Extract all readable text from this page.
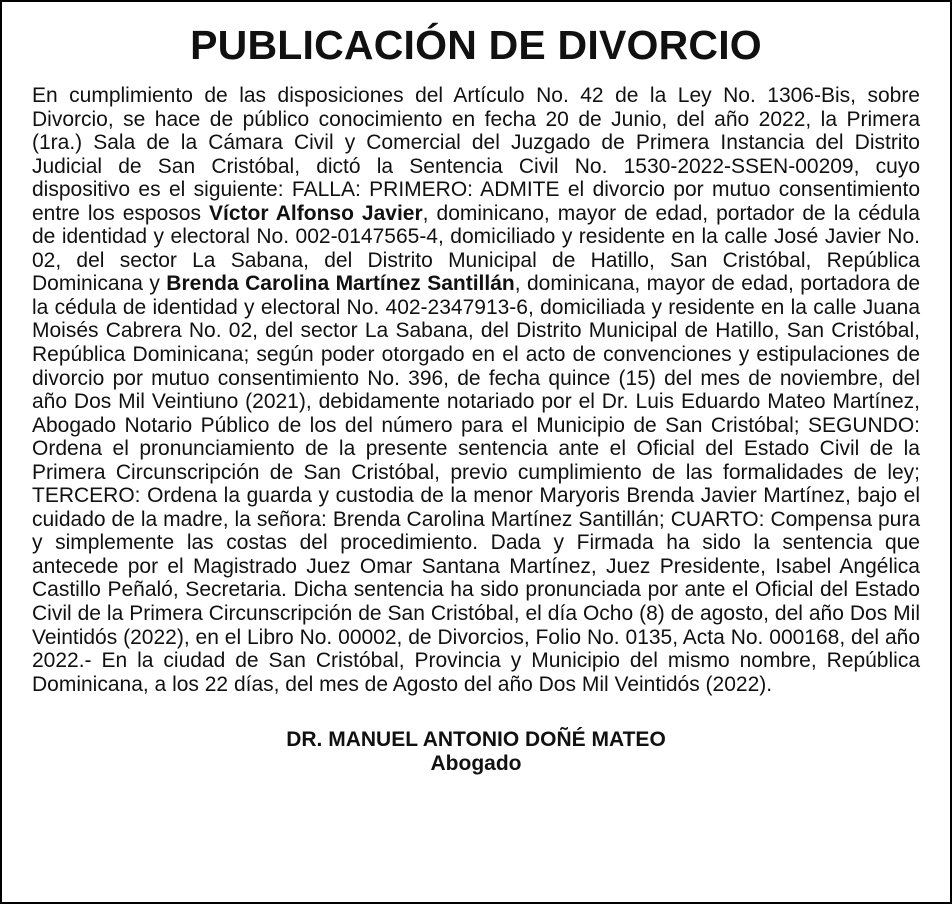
PUBLICACIÓN DE DIVORCIO

En cumplimiento de las disposiciones del Artículo No. 42 de la Ley No. 1306-Bis, sobre Divorcio, se hace de público conocimiento en fecha 20 de Junio, del año 2022, la Primera (1ra.) Sala de la Cámara Civil y Comercial del Juzgado de Primera Instancia del Distrito Judicial de San Cristóbal, dictó la Sentencia Civil No. 1530-2022-SSEN-00209, cuyo dispositivo es el siguiente: FALLA: PRIMERO: ADMITE el divorcio por mutuo consentimiento entre los esposos Víctor Alfonso Javier, dominicano, mayor de edad, portador de la cédula de identidad y electoral No. 002-0147565-4, domiciliado y residente en la calle José Javier No. 02, del sector La Sabana, del Distrito Municipal de Hatillo, San Cristóbal, República Dominicana y Brenda Carolina Martínez Santillán, dominicana, mayor de edad, portadora de la cédula de identidad y electoral No. 402-2347913-6, domiciliada y residente en la calle Juana Moisés Cabrera No. 02, del sector La Sabana, del Distrito Municipal de Hatillo, San Cristóbal, República Dominicana; según poder otorgado en el acto de convenciones y estipulaciones de divorcio por mutuo consentimiento No. 396, de fecha quince (15) del mes de noviembre, del año Dos Mil Veintiuno (2021), debidamente notariado por el Dr. Luis Eduardo Mateo Martínez, Abogado Notario Público de los del número para el Municipio de San Cristóbal; SEGUNDO: Ordena el pronunciamiento de la presente sentencia ante el Oficial del Estado Civil de la Primera Circunscripción de San Cristóbal, previo cumplimiento de las formalidades de ley; TERCERO: Ordena la guarda y custodia de la menor Maryoris Brenda Javier Martínez, bajo el cuidado de la madre, la señora: Brenda Carolina Martínez Santillán; CUARTO: Compensa pura y simplemente las costas del procedimiento. Dada y Firmada ha sido la sentencia que antecede por el Magistrado Juez Omar Santana Martínez, Juez Presidente, Isabel Angélica Castillo Peñaló, Secretaria. Dicha sentencia ha sido pronunciada por ante el Oficial del Estado Civil de la Primera Circunscripción de San Cristóbal, el día Ocho (8) de agosto, del año Dos Mil Veintidós (2022), en el Libro No. 00002, de Divorcios, Folio No. 0135, Acta No. 000168, del año 2022.- En la ciudad de San Cristóbal, Provincia y Municipio del mismo nombre, República Dominicana, a los 22 días, del mes de Agosto del año Dos Mil Veintidós (2022).

DR. MANUEL ANTONIO DOÑÉ MATEO
Abogado
